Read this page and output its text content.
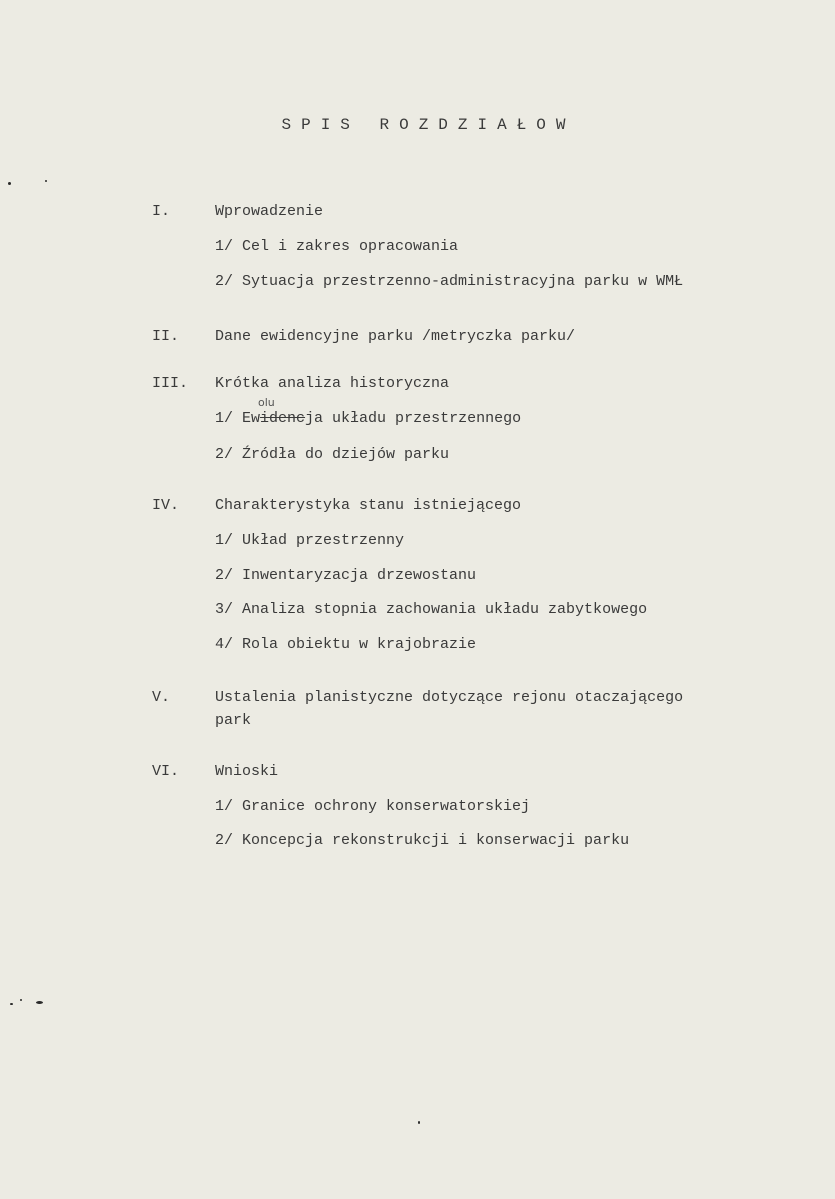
SPIS ROZDZIAŁOW
I.	Wprowadzenie
1/ Cel i zakres opracowania
2/ Sytuacja przestrzenno-administracyjna parku w WMŁ
II. Dane ewidencyjne parku /metryczka parku/
III. Krótka analiza historyczna
1/ Ewidenc
olu
ja układu przestrzennego
2/ Źródła do dziejów parku
IV. Charakterystyka stanu istniejącego
1/ Układ przestrzenny
2/ Inwentaryzacja drzewostanu
3/ Analiza stopnia zachowania układu zabytkowego
4/ Rola obiektu w krajobrazie
V.	Ustalenia planistyczne dotyczące rejonu otaczającego
park
VI. Wnioski
1/ Granice ochrony konserwatorskiej
2/ Koncepcja rekonstrukcji i konserwacji parku
